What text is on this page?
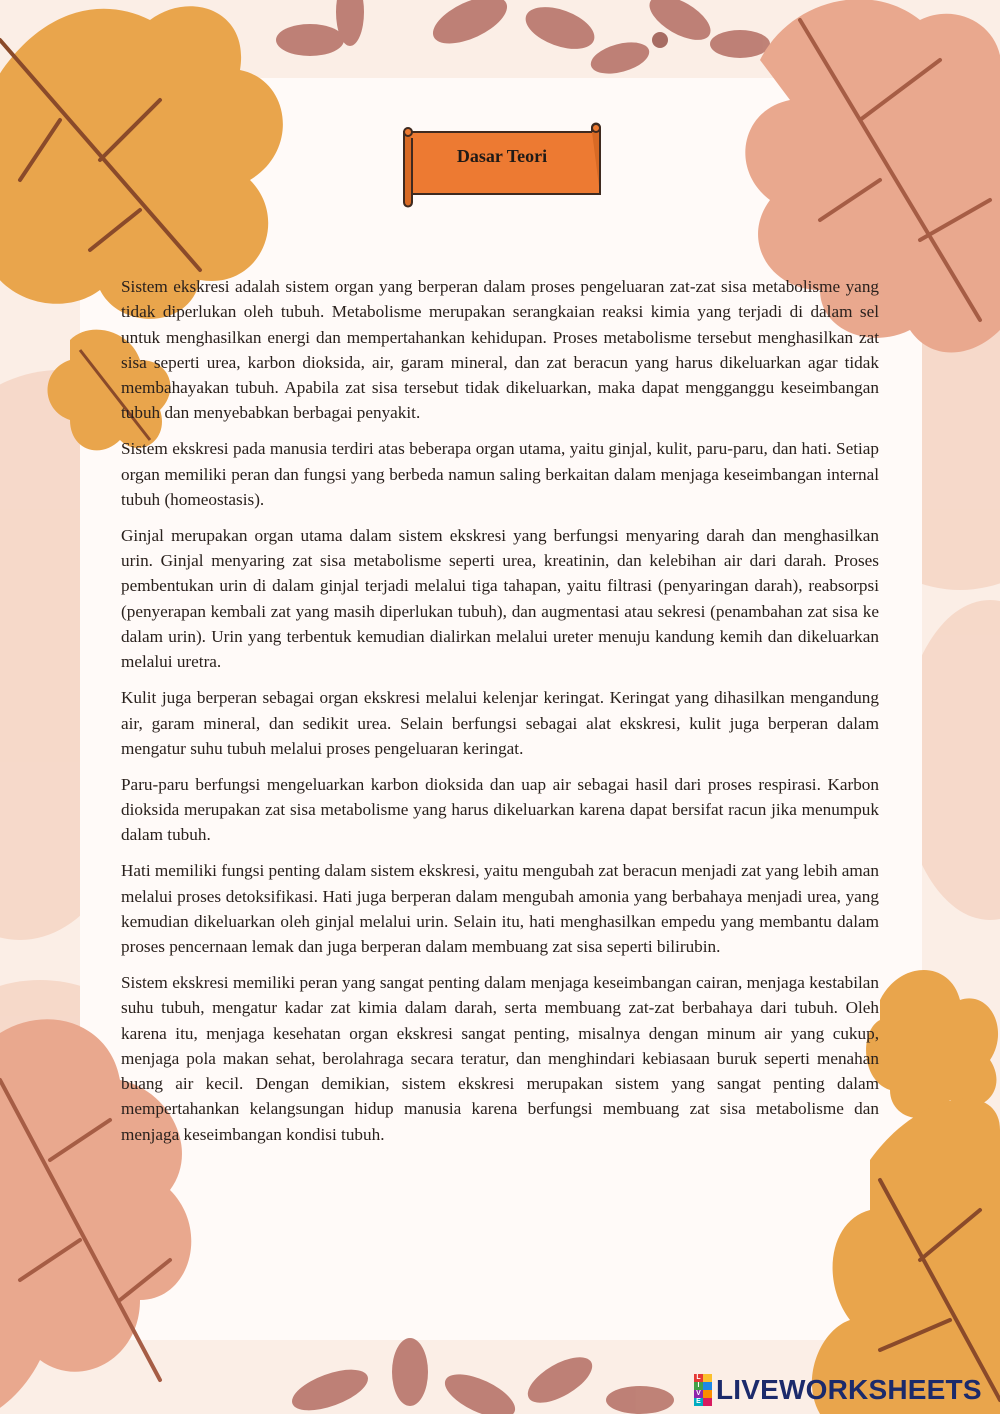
Dasar Teori

Sistem ekskresi adalah sistem organ yang berperan dalam proses pengeluaran zat-zat sisa metabolisme yang tidak diperlukan oleh tubuh. Metabolisme merupakan serangkaian reaksi kimia yang terjadi di dalam sel untuk menghasilkan energi dan mempertahankan kehidupan. Proses metabolisme tersebut menghasilkan zat sisa seperti urea, karbon dioksida, air, garam mineral, dan zat beracun yang harus dikeluarkan agar tidak membahayakan tubuh. Apabila zat sisa tersebut tidak dikeluarkan, maka dapat mengganggu keseimbangan tubuh dan menyebabkan berbagai penyakit.

Sistem ekskresi pada manusia terdiri atas beberapa organ utama, yaitu ginjal, kulit, paru-paru, dan hati. Setiap organ memiliki peran dan fungsi yang berbeda namun saling berkaitan dalam menjaga keseimbangan internal tubuh (homeostasis).

Ginjal merupakan organ utama dalam sistem ekskresi yang berfungsi menyaring darah dan menghasilkan urin. Ginjal menyaring zat sisa metabolisme seperti urea, kreatinin, dan kelebihan air dari darah. Proses pembentukan urin di dalam ginjal terjadi melalui tiga tahapan, yaitu filtrasi (penyaringan darah), reabsorpsi (penyerapan kembali zat yang masih diperlukan tubuh), dan augmentasi atau sekresi (penambahan zat sisa ke dalam urin). Urin yang terbentuk kemudian dialirkan melalui ureter menuju kandung kemih dan dikeluarkan melalui uretra.

Kulit juga berperan sebagai organ ekskresi melalui kelenjar keringat. Keringat yang dihasilkan mengandung air, garam mineral, dan sedikit urea. Selain berfungsi sebagai alat ekskresi, kulit juga berperan dalam mengatur suhu tubuh melalui proses pengeluaran keringat.

Paru-paru berfungsi mengeluarkan karbon dioksida dan uap air sebagai hasil dari proses respirasi. Karbon dioksida merupakan zat sisa metabolisme yang harus dikeluarkan karena dapat bersifat racun jika menumpuk dalam tubuh.

Hati memiliki fungsi penting dalam sistem ekskresi, yaitu mengubah zat beracun menjadi zat yang lebih aman melalui proses detoksifikasi. Hati juga berperan dalam mengubah amonia yang berbahaya menjadi urea, yang kemudian dikeluarkan oleh ginjal melalui urin. Selain itu, hati menghasilkan empedu yang membantu dalam proses pencernaan lemak dan juga berperan dalam membuang zat sisa seperti bilirubin.

Sistem ekskresi memiliki peran yang sangat penting dalam menjaga keseimbangan cairan, menjaga kestabilan suhu tubuh, mengatur kadar zat kimia dalam darah, serta membuang zat-zat berbahaya dari tubuh. Oleh karena itu, menjaga kesehatan organ ekskresi sangat penting, misalnya dengan minum air yang cukup, menjaga pola makan sehat, berolahraga secara teratur, dan menghindari kebiasaan buruk seperti menahan buang air kecil. Dengan demikian, sistem ekskresi merupakan sistem yang sangat penting dalam mempertahankan kelangsungan hidup manusia karena berfungsi membuang zat sisa metabolisme dan menjaga keseimbangan kondisi tubuh.

L
I
V
E LIVEWORKSHEETS
